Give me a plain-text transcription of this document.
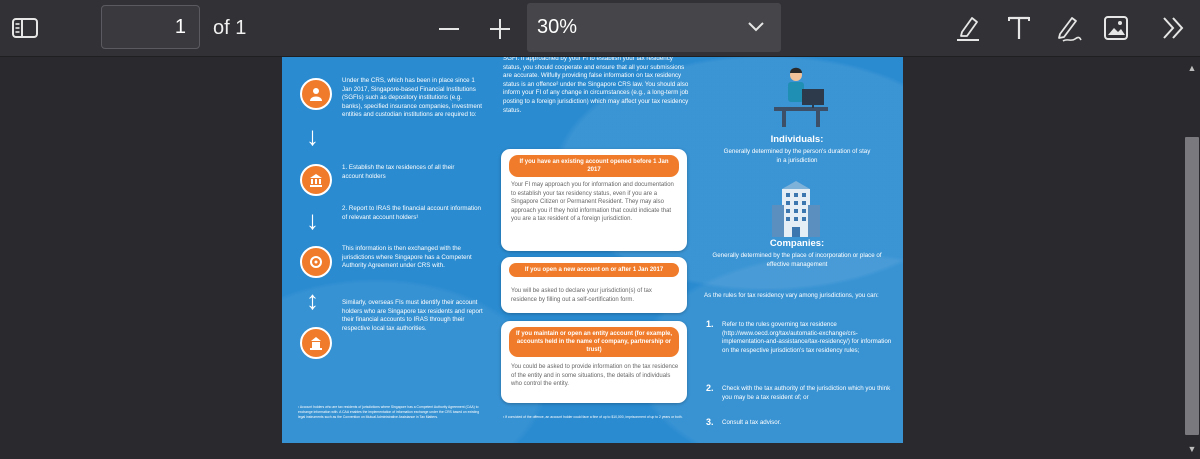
1	of 1	30%
▲
▼
Under the CRS, which has been in place since 1 Jan 2017, Singapore-based Financial Institutions (SGFIs) such as depository institutions (e.g. banks), specified insurance companies, investment entities and custodian institutions are required to:
↓
1. Establish the tax residences of all their account holders
↓	2. Report to IRAS the financial account information of relevant account holders¹
This information is then exchanged with the jurisdictions where Singapore has a Competent Authority Agreement under CRS with.
↕	Similarly, overseas FIs must identify their account holders who are Singapore tax residents and report their financial accounts to IRAS through their respective local tax authorities.
¹ Account holders who are tax residents of jurisdictions where Singapore has a Competent Authority Agreement (CAA) to exchange information with. A CAA enables the implementation of information exchange under the CRS based on existing legal instruments such as the Convention on Mutual Administrative Assistance in Tax Matters.
SGFI. If approached by your FI to establish your tax residency status, you should cooperate and ensure that all your submissions are accurate. Wilfully providing false information on tax residency status is an offence² under the Singapore CRS law. You should also inform your FI of any change in circumstances (e.g., a long-term job posting to a foreign jurisdiction) which may affect your tax residency status.
If you have an existing account opened before 1 Jan 2017
Your FI may approach you for information and documentation to establish your tax residency status, even if you are a Singapore Citizen or Permanent Resident. They may also approach you if they hold information that could indicate that you are a tax resident of a foreign jurisdiction.
If you open a new account on or after 1 Jan 2017
You will be asked to declare your jurisdiction(s) of tax residence by filling out a self-certification form.
If you maintain or open an entity account (for example, accounts held in the name of company, partnership or trust)
You could be asked to provide information on the tax residence of the entity and in some situations, the details of individuals who control the entity.
² If convicted of the offence, an account holder could face a fine of up to $10,000, imprisonment of up to 2 years or both.
Individuals:
Generally determined by the person's duration of stay in a jurisdiction
Companies:
Generally determined by the place of incorporation or place of effective management
As the rules for tax residency vary among jurisdictions, you can:
1. Refer to the rules governing tax residence (http://www.oecd.org/tax/automatic-exchange/crs-implementation-and-assistance/tax-residency/) for information on the respective jurisdiction's tax residency rules;
2. Check with the tax authority of the jurisdiction which you think you may be a tax resident of; or
3. Consult a tax advisor.
